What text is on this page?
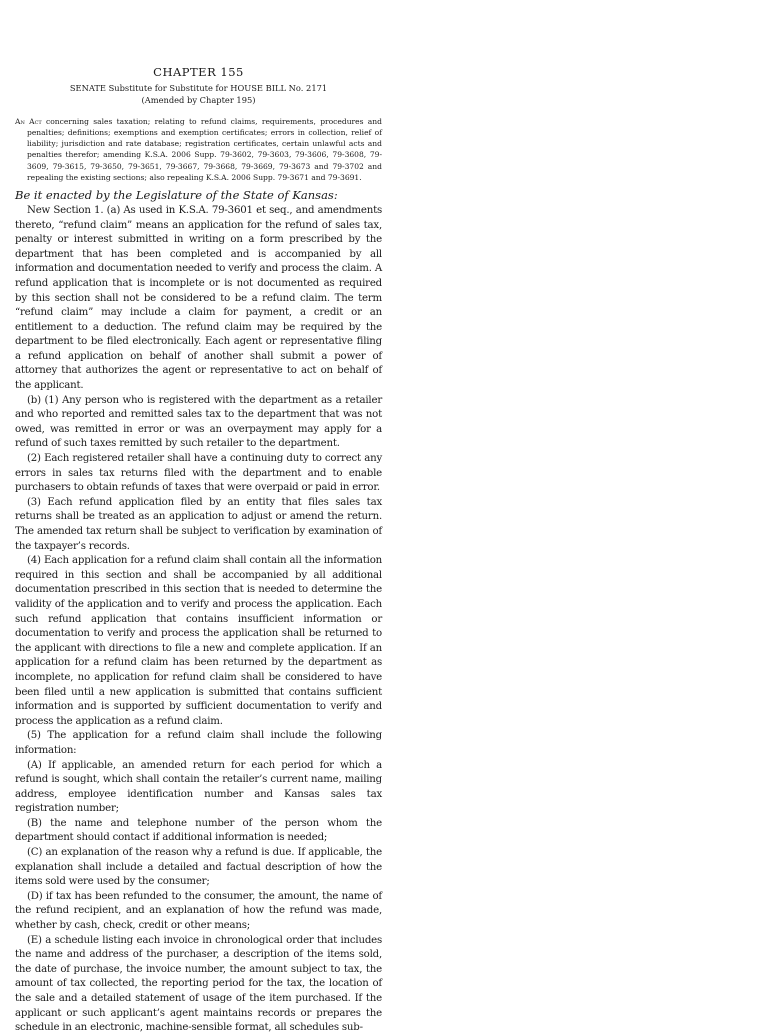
CHAPTER 155
SENATE Substitute for Substitute for HOUSE BILL No. 2171
(Amended by Chapter 195)
An Act concerning sales taxation; relating to refund claims, requirements, procedures and penalties; definitions; exemptions and exemption certificates; errors in collection, relief of liability; jurisdiction and rate database; registration certificates, certain unlawful acts and penalties therefor; amending K.S.A. 2006 Supp. 79-3602, 79-3603, 79-3606, 79-3608, 79-3609, 79-3615, 79-3650, 79-3651, 79-3667, 79-3668, 79-3669, 79-3673 and 79-3702 and repealing the existing sections; also repealing K.S.A. 2006 Supp. 79-3671 and 79-3691.
Be it enacted by the Legislature of the State of Kansas:

New Section 1. (a) As used in K.S.A. 79-3601 et seq., and amendments thereto, “refund claim” means an application for the refund of sales tax, penalty or interest submitted in writing on a form prescribed by the department that has been completed and is accompanied by all information and documentation needed to verify and process the claim. A refund application that is incomplete or is not documented as required by this section shall not be considered to be a refund claim. The term “refund claim” may include a claim for payment, a credit or an entitlement to a deduction. The refund claim may be required by the department to be filed electronically. Each agent or representative filing a refund application on behalf of another shall submit a power of attorney that authorizes the agent or representative to act on behalf of the applicant.

(b) (1) Any person who is registered with the department as a retailer and who reported and remitted sales tax to the department that was not owed, was remitted in error or was an overpayment may apply for a refund of such taxes remitted by such retailer to the department.

(2) Each registered retailer shall have a continuing duty to correct any errors in sales tax returns filed with the department and to enable purchasers to obtain refunds of taxes that were overpaid or paid in error.

(3) Each refund application filed by an entity that files sales tax returns shall be treated as an application to adjust or amend the return. The amended tax return shall be subject to verification by examination of the taxpayer’s records.

(4) Each application for a refund claim shall contain all the information required in this section and shall be accompanied by all additional documentation prescribed in this section that is needed to determine the validity of the application and to verify and process the application. Each such refund application that contains insufficient information or documentation to verify and process the application shall be returned to the applicant with directions to file a new and complete application. If an application for a refund claim has been returned by the department as incomplete, no application for refund claim shall be considered to have been filed until a new application is submitted that contains sufficient information and is supported by sufficient documentation to verify and process the application as a refund claim.

(5) The application for a refund claim shall include the following information:

(A) If applicable, an amended return for each period for which a refund is sought, which shall contain the retailer’s current name, mailing address, employee identification number and Kansas sales tax registration number;

(B) the name and telephone number of the person whom the department should contact if additional information is needed;

(C) an explanation of the reason why a refund is due. If applicable, the explanation shall include a detailed and factual description of how the items sold were used by the consumer;

(D) if tax has been refunded to the consumer, the amount, the name of the refund recipient, and an explanation of how the refund was made, whether by cash, check, credit or other means;

(E) a schedule listing each invoice in chronological order that includes the name and address of the purchaser, a description of the items sold, the date of purchase, the invoice number, the amount subject to tax, the amount of tax collected, the reporting period for the tax, the location of the sale and a detailed statement of usage of the item purchased. If the applicant or such applicant’s agent maintains records or prepares the schedule in an electronic, machine-sensible format, all schedules sub-
